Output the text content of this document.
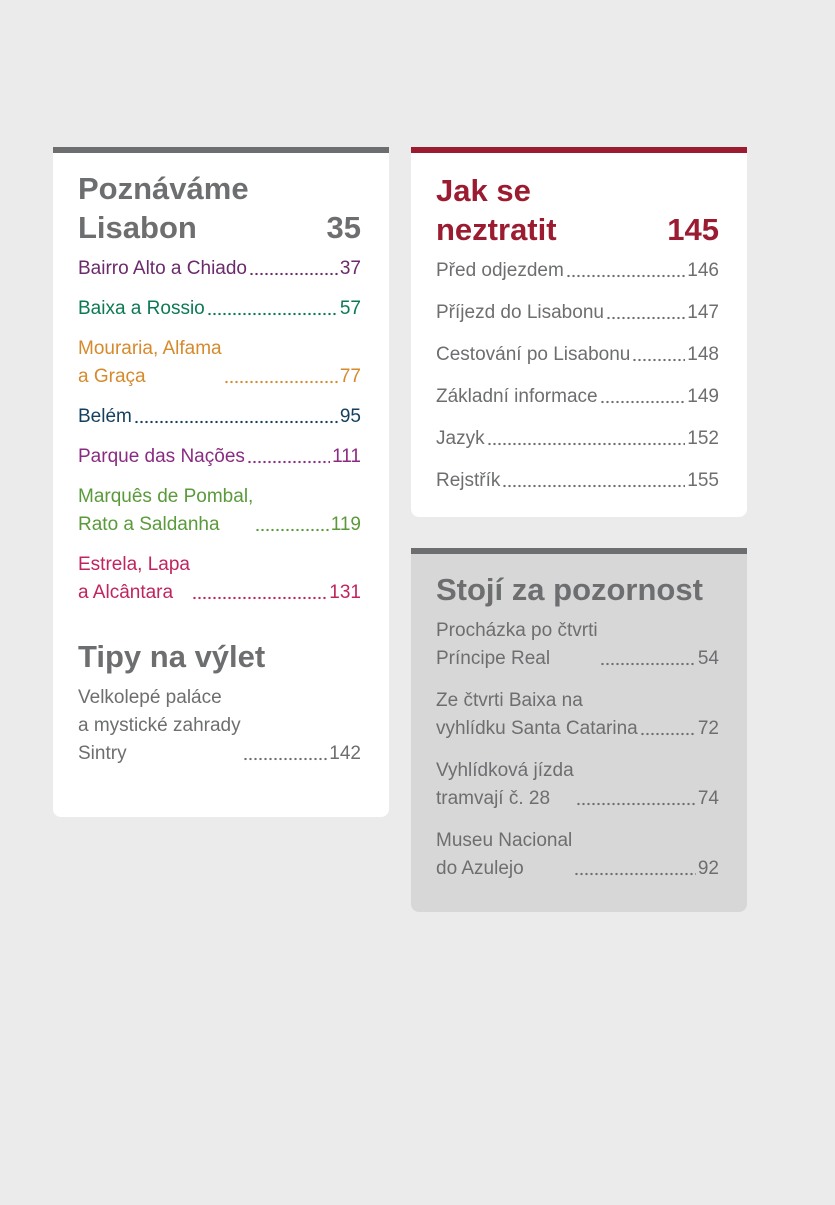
Poznáváme
Lisabon	35
Bairro Alto a Chiado	37
Baixa a Rossio	57
Mouraria, Alfama
a Graça	77
Belém	95
Parque das Nações	111
Marquês de Pombal,
Rato a Saldanha	119
Estrela, Lapa
a Alcântara	131
Tipy na výlet
Velkolepé paláce
a mystické zahrady
Sintry	142
Jak se
neztratit	145
Před odjezdem	146
Příjezd do Lisabonu	147
Cestování po Lisabonu	148
Základní informace	149
Jazyk	152
Rejstřík	155
Stojí za pozornost
Procházka po čtvrti
Príncipe Real	54
Ze čtvrti Baixa na
vyhlídku Santa Catarina	72
Vyhlídková jízda
tramvají č. 28	74
Museu Nacional
do Azulejo	92
